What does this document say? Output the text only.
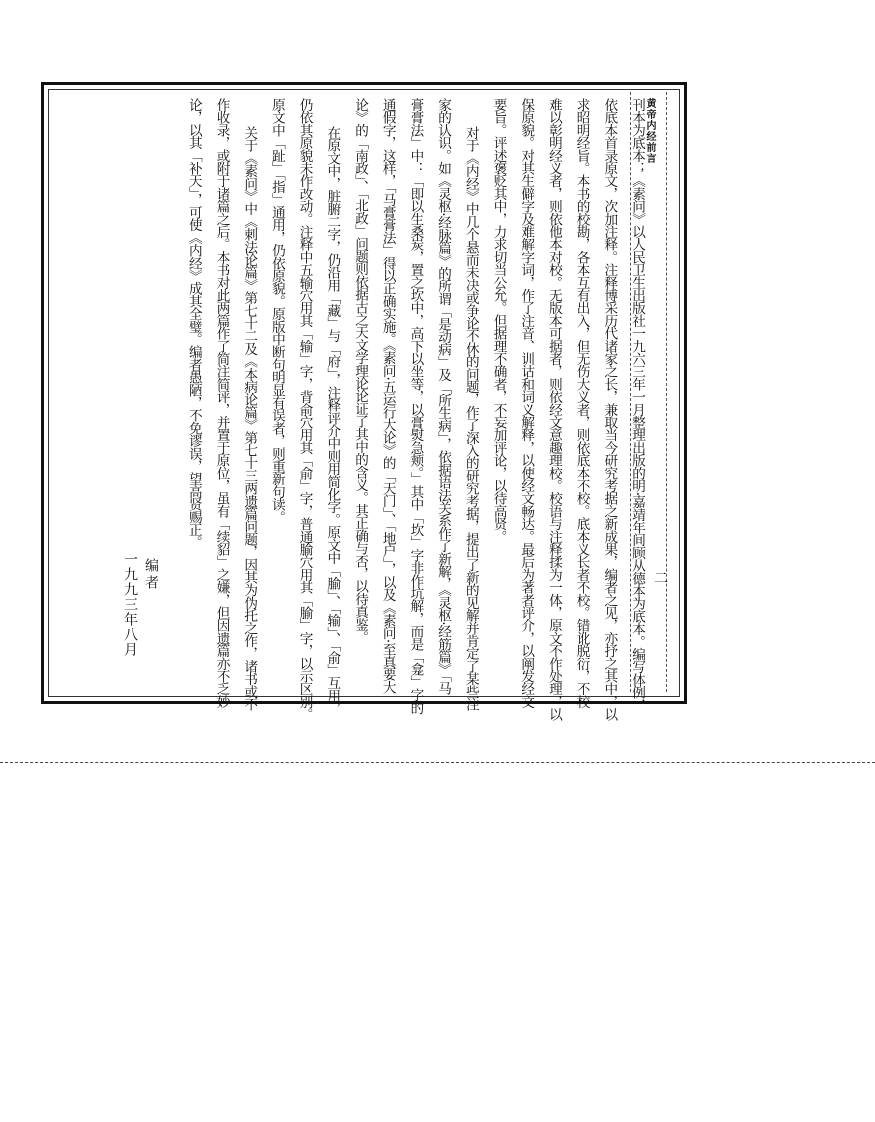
黄帝内经前言
二
刊本为底本；《素问》以人民卫生出版社一九六三年一月整理出版的明·嘉靖年间顾从德本为底本。编写体例，
依底本首录原文，次加注释。注释博采历代诸家之长，兼取当今研究考据之新成果，编者之见，亦抒之其中，以
求昭明经旨。本书的校勘，各本互有出入，但无伤大义者，则依底本不校。底本义长者不校。错讹脱衍，不校
难以彰明经义者，则依他本对校。无版本可据者，则依经文意趣理校。校语与注释揉为一体，原文不作处理，以
保原貌。对其生僻字及难解字词，作了注音、训诂和词义解释，以使经文畅达。最后为著者评介，以阐发经文
要旨。评述褒贬其中，力求切当公允。但据理不确者，不妄加评论，以待高贤。
对于《内经》中几个悬而未决或争论不休的问题，作了深入的研究考据，提出了新的见解并肯定了某些注
家的认识。如《灵枢·经脉篇》的所谓「是动病」及「所生病」，依据语法关系作了新解，《灵枢·经筋篇》「马
膏膏法」中：「即以生桑炭，置之坎中，高下以坐等，以膏熨急颊。」其中「坎」字非作坑解，而是「龛」字的
通假字，这样，「马膏膏法」得以正确实施。《素问·五运行大论》的「天门」、「地户」，以及《素问·至真要大
论》的「南政」、「北政」问题则依据古之天文学理论论证了其中的含义。其正确与否，以待真鉴。
在原文中，脏腑二字，仍沿用「藏」与「府」，注释评介中则用简化字。原文中「腧」、「输」、「俞」互用，
仍依其原貌未作改动。注释中五输穴用其「输」字，背俞穴用其「俞」字，普通腧穴用其「腧」字，以示区别。
原文中「趾」「指」通用，仍依原貌。原版中断句明显有误者，则重新句读。
关于《素问》中《刺法论篇》第七十二及《本病论篇》第七十三两遗篇问题，因其为伪托之作，诸书或不
作收录，或附于诸篇之后。本书对此两篇作了简注简评，并置于原位，虽有「续貂」之嫌，但因遗篇亦不乏妙
论，以其「补天」，可使《内经》成其全璧。编者愚陋，不免谬误，望高贤赐正。
编者
一九九三年八月
